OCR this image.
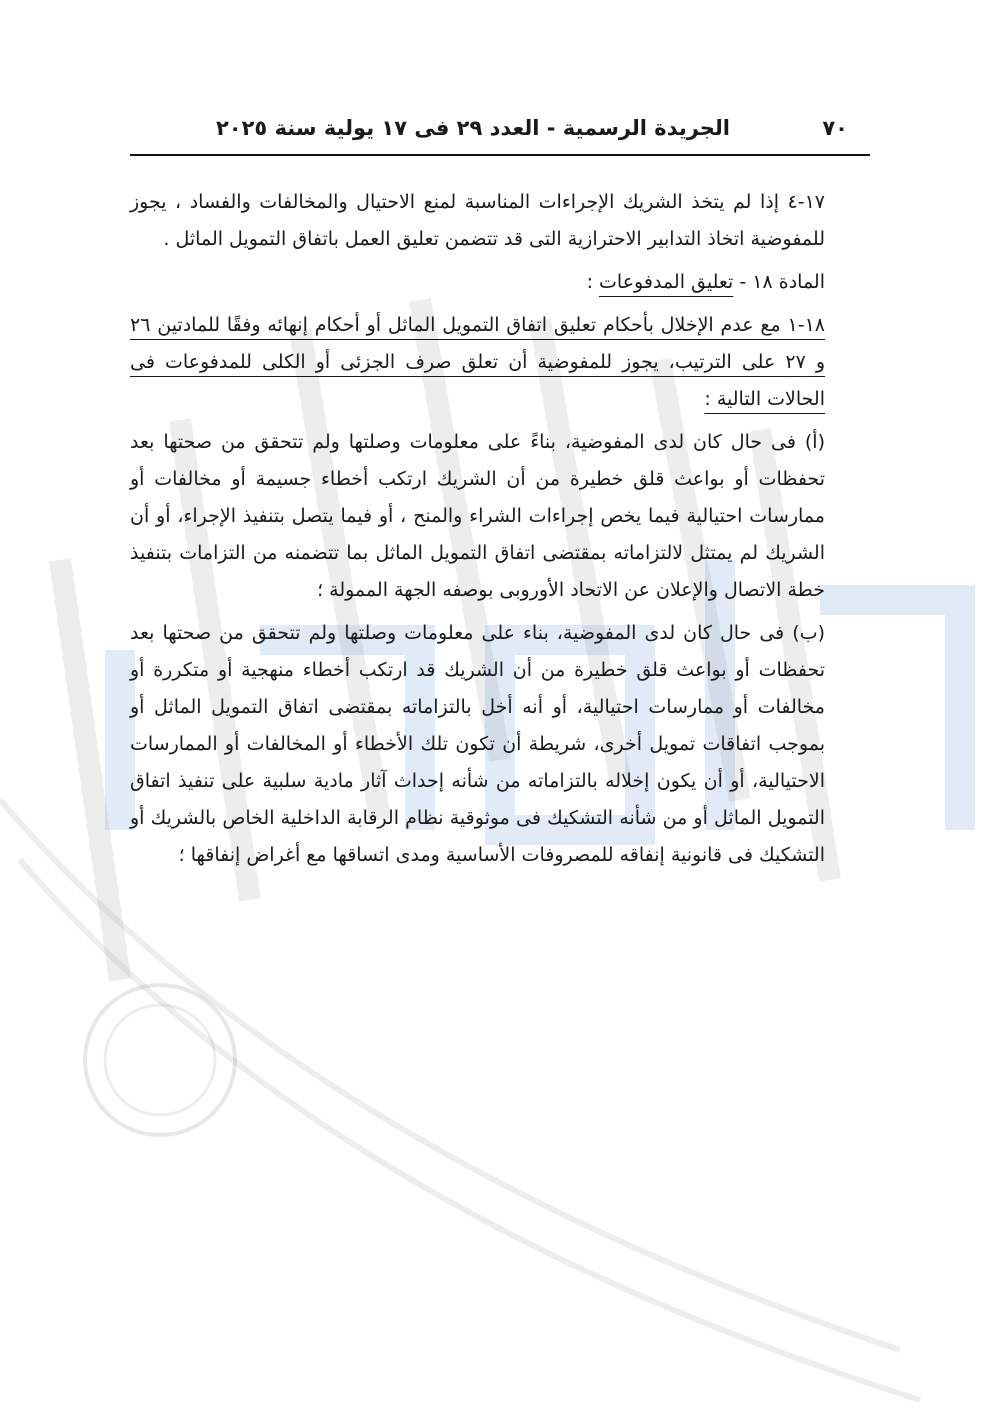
٧٠
الجريدة الرسمية - العدد ٢٩ فى ١٧ يولية سنة ٢٠٢٥

١٧-٤ إذا لم يتخذ الشريك الإجراءات المناسبة لمنع الاحتيال والمخالفات والفساد ، يجوز للمفوضية اتخاذ التدابير الاحترازية التى قد تتضمن تعليق العمل باتفاق التمويل الماثل .

المادة ١٨ - تعليق المدفوعات :

١٨-١ مع عدم الإخلال بأحكام تعليق اتفاق التمويل الماثل أو أحكام إنهائه وفقًا للمادتين ٢٦ و ٢٧ على الترتيب، يجوز للمفوضية أن تعلق صرف الجزئى أو الكلى للمدفوعات فى الحالات التالية :

(أ) فى حال كان لدى المفوضية، بناءً على معلومات وصلتها ولم تتحقق من صحتها بعد تحفظات أو بواعث قلق خطيرة من أن الشريك ارتكب أخطاء جسيمة أو مخالفات أو ممارسات احتيالية فيما يخص إجراءات الشراء والمنح ، أو فيما يتصل بتنفيذ الإجراء، أو أن الشريك لم يمتثل لالتزاماته بمقتضى اتفاق التمويل الماثل بما تتضمنه من التزامات بتنفيذ خطة الاتصال والإعلان عن الاتحاد الأوروبى بوصفه الجهة الممولة ؛

(ب) فى حال كان لدى المفوضية، بناء على معلومات وصلتها ولم تتحقق من صحتها بعد تحفظات أو بواعث قلق خطيرة من أن الشريك قد ارتكب أخطاء منهجية أو متكررة أو مخالفات أو ممارسات احتيالية، أو أنه أخل بالتزاماته بمقتضى اتفاق التمويل الماثل أو بموجب اتفاقات تمويل أخرى، شريطة أن تكون تلك الأخطاء أو المخالفات أو الممارسات الاحتيالية، أو أن يكون إخلاله بالتزاماته من شأنه إحداث آثار مادية سلبية على تنفيذ اتفاق التمويل الماثل أو من شأنه التشكيك فى موثوقية نظام الرقابة الداخلية الخاص بالشريك أو التشكيك فى قانونية إنفاقه للمصروفات الأساسية ومدى اتساقها مع أغراض إنفاقها ؛
